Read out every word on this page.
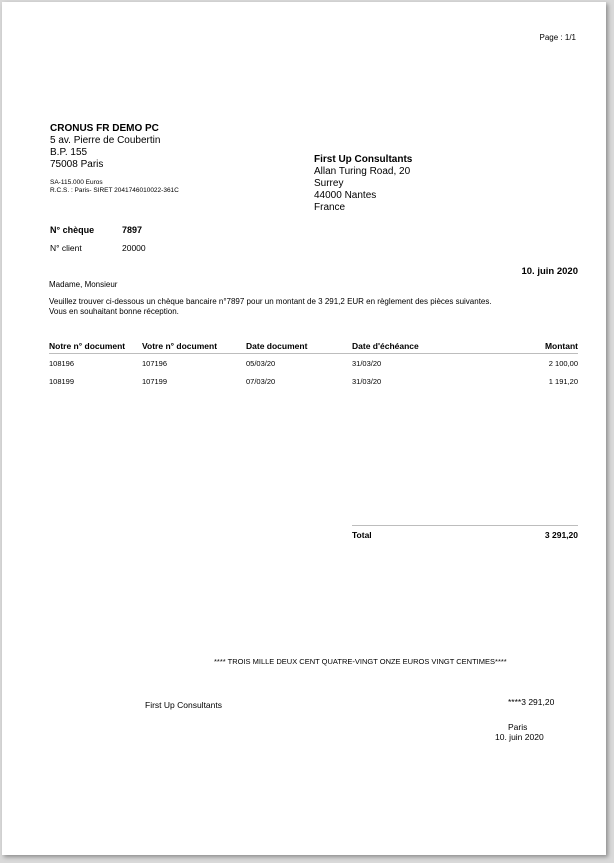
Page : 1/1
CRONUS FR DEMO PC
5 av. Pierre de Coubertin
B.P. 155
75008 Paris
SA-115.000 Euros
R.C.S. : Paris- SIRET 2041746010022-361C
First Up Consultants
Allan Turing Road, 20
Surrey
44000 Nantes
France
N° chèque	7897
N° client	20000
10. juin 2020
Madame, Monsieur
Veuillez trouver ci-dessous un chèque bancaire n°7897 pour un montant de 3 291,2 EUR en règlement des pièces suivantes.
Vous en souhaitant bonne réception.
Notre n° document Votre n° document	Date document	Date d'échéance	Montant
108196	107196	05/03/20	31/03/20	2 100,00
108199	107199	07/03/20	31/03/20	1 191,20
Total	3 291,20
**** TROIS MILLE DEUX CENT QUATRE-VINGT ONZE EUROS VINGT CENTIMES****
First Up Consultants	****3 291,20
Paris
10. juin 2020
